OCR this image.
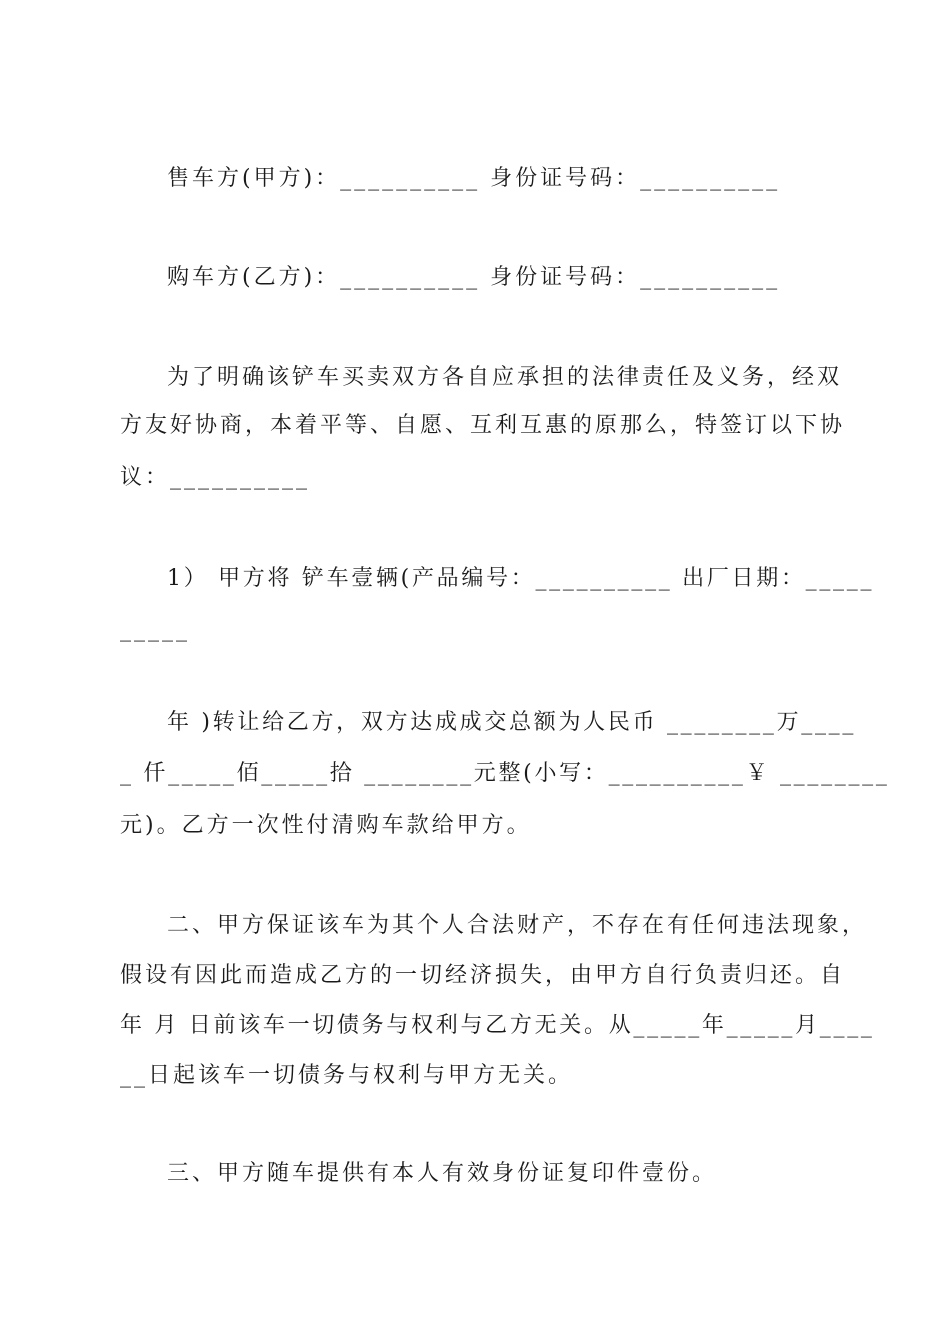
售车方(甲方)：__________ 身份证号码：__________
购车方(乙方)：__________ 身份证号码：__________
为了明确该铲车买卖双方各自应承担的法律责任及义务，经双
方友好协商，本着平等、自愿、互利互惠的原那么，特签订以下协
议：__________
1） 甲方将 铲车壹辆(产品编号：__________ 出厂日期：_____
_____
年 )转让给乙方，双方达成成交总额为人民币 ________万____
_ 仟_____佰_____拾 ________元整(小写：__________￥ ________
元)。乙方一次性付清购车款给甲方。
二、甲方保证该车为其个人合法财产，不存在有任何违法现象，
假设有因此而造成乙方的一切经济损失，由甲方自行负责归还。自
年 月 日前该车一切债务与权利与乙方无关。从_____年_____月____
__日起该车一切债务与权利与甲方无关。
三、甲方随车提供有本人有效身份证复印件壹份。
